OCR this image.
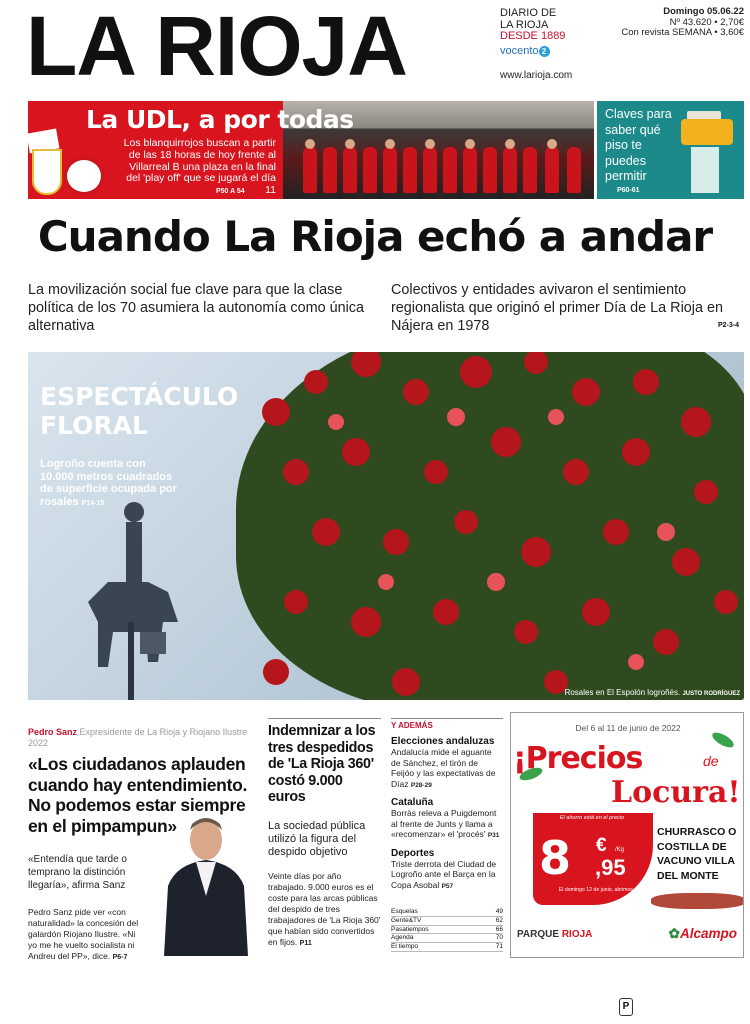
LA RIOJA	DIARIO DE
LA RIOJA
DESDE 1889
vocento 2
www.larioja.com
Domingo 05.06.22
Nº 43.620 • 2,70€
Con revista SEMANA • 3,60€
La UDL, a por todas
Los blanquirrojos buscan a partir de las 18 horas de hoy frente al Villarreal B una plaza en la final del 'play off' que se jugará el día 11
P50 A 54
Claves para saber qué piso te puedes permitir
P60-61
Cuando La Rioja echó a andar
La movilización social fue clave para que la clase política de los 70 asumiera la autonomía como única alternativa
Colectivos y entidades avivaron el sentimiento regionalista que originó el primer Día de La Rioja en Nájera en 1978	P2-3-4
ESPECTÁCULO
FLORAL
Logroño cuenta con 10.000 metros cuadrados de superficie ocupada por rosales P14-15
Rosales en El Espolón logroñés. JUSTO RODRÍGUEZ
Pedro Sanz Expresidente de La Rioja y Riojano Ilustre 2022
«Los ciudadanos aplauden cuando hay entendimiento. No podemos estar siempre en el pimpampun»
«Entendía que tarde o temprano la distinción llegaría», afirma Sanz
Pedro Sanz pide ver «con naturalidad» la concesión del galardón Riojano Ilustre. «Ni yo me he vuelto socialista ni Andreu del PP», dice. P6-7
Indemnizar a los tres despedidos de 'La Rioja 360' costó 9.000 euros
La sociedad pública utilizó la figura del despido objetivo
Veinte días por año trabajado. 9.000 euros es el coste para las arcas públicas del despido de tres trabajadores de 'La Rioja 360' que habían sido convertidos en fijos. P11
Y ADEMÁS
Elecciones andaluzas
Andalucía mide el aguante de Sánchez, el tirón de Feijóo y las expectativas de Díaz P28-29
Cataluña
Borràs releva a Puigdemont al frente de Junts y llama a «recomenzar» el 'procés' P31
Deportes
Triste derrota del Ciudad de Logroño ante el Barça en la Copa Asobal P57
Esquelas	49
Gente&TV	62
Pasatiempos	66
Agenda	70
El tiempo	71
Del 6 al 11 de junio de 2022
¡Precios	de
Locura!
El ahorro está en el precio
8 € /Kg
,95
CHURRASCO O COSTILLA DE VACUNO VILLA DEL MONTE
El domingo 12 de junio, abrimos de 9 de la mañana a 10 de la noche
PARQUE RIOJA	✿Alcampo
P
